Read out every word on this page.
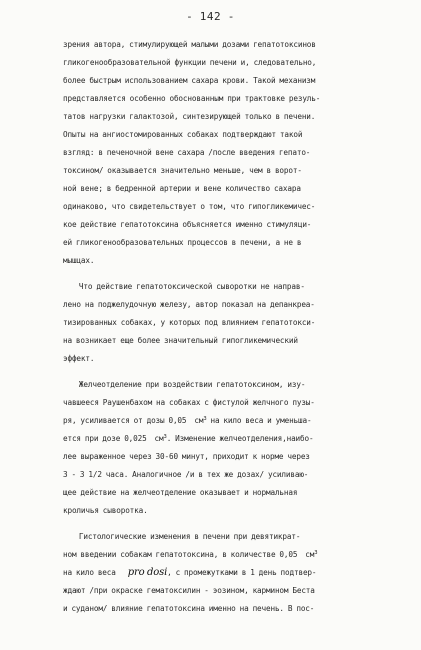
- 142 -
зрения автора, стимулирующей малыми дозами гепатотоксинов
гликогенообразовательной функции печени и, следовательно,
более быстрым использованием сахара крови. Такой механизм
представляется особенно обоснованным при трактовке резуль-
татов нагрузки галактозой, синтезирующей только в печени.
Опыты на ангиостомированных собаках подтверждают такой
взгляд: в печеночной вене сахара /после введения гепато-
токсином/ оказывается значительно меньше, чем в ворот-
ной вене; в бедренной артерии и вене количество сахара
одинаково, что свидетельствует о том, что гипогликемичес-
кое действие гепатотоксина объясняется именно стимуляци-
ей гликогенообразовательных процессов в печени, а не в
мышцах.
Что действие гепатотоксической сыворотки не направ-
лено на поджелудочную железу, автор показал на депанкреа-
тизированных собаках, у которых под влиянием гепатотокси-
на возникает еще более значительный гипогликемический
эффект.
Желчеотделение при воздействии гепатотоксином, изу-
чавшееся Раушенбахом на собаках с фистулой желчного пузы-
ря, усиливается от дозы 0,05  $см^3$ на кило веса и уменьша-
ется при дозе 0,025  $см^3$. Изменение желчеотделения,наибо-
лее выраженное через 30-60 минут, приходит к норме через
3 - 3 1/2 часа. Аналогичное /и в тех же дозах/ усиливаю-
щее действие на желчеотделение оказывает и нормальная
кроличья сыворотка.
Гистологические изменения в печени при девятикрат-
ном введении собакам гепатотоксина, в количестве 0,05  $см^3$
на кило веса pro dosi, с промежутками в 1 день подтвер-
ждают /при окраске гематоксилин - эозином, кармином Беста
и суданом/ влияние гепатотоксина именно на печень. В пос-
